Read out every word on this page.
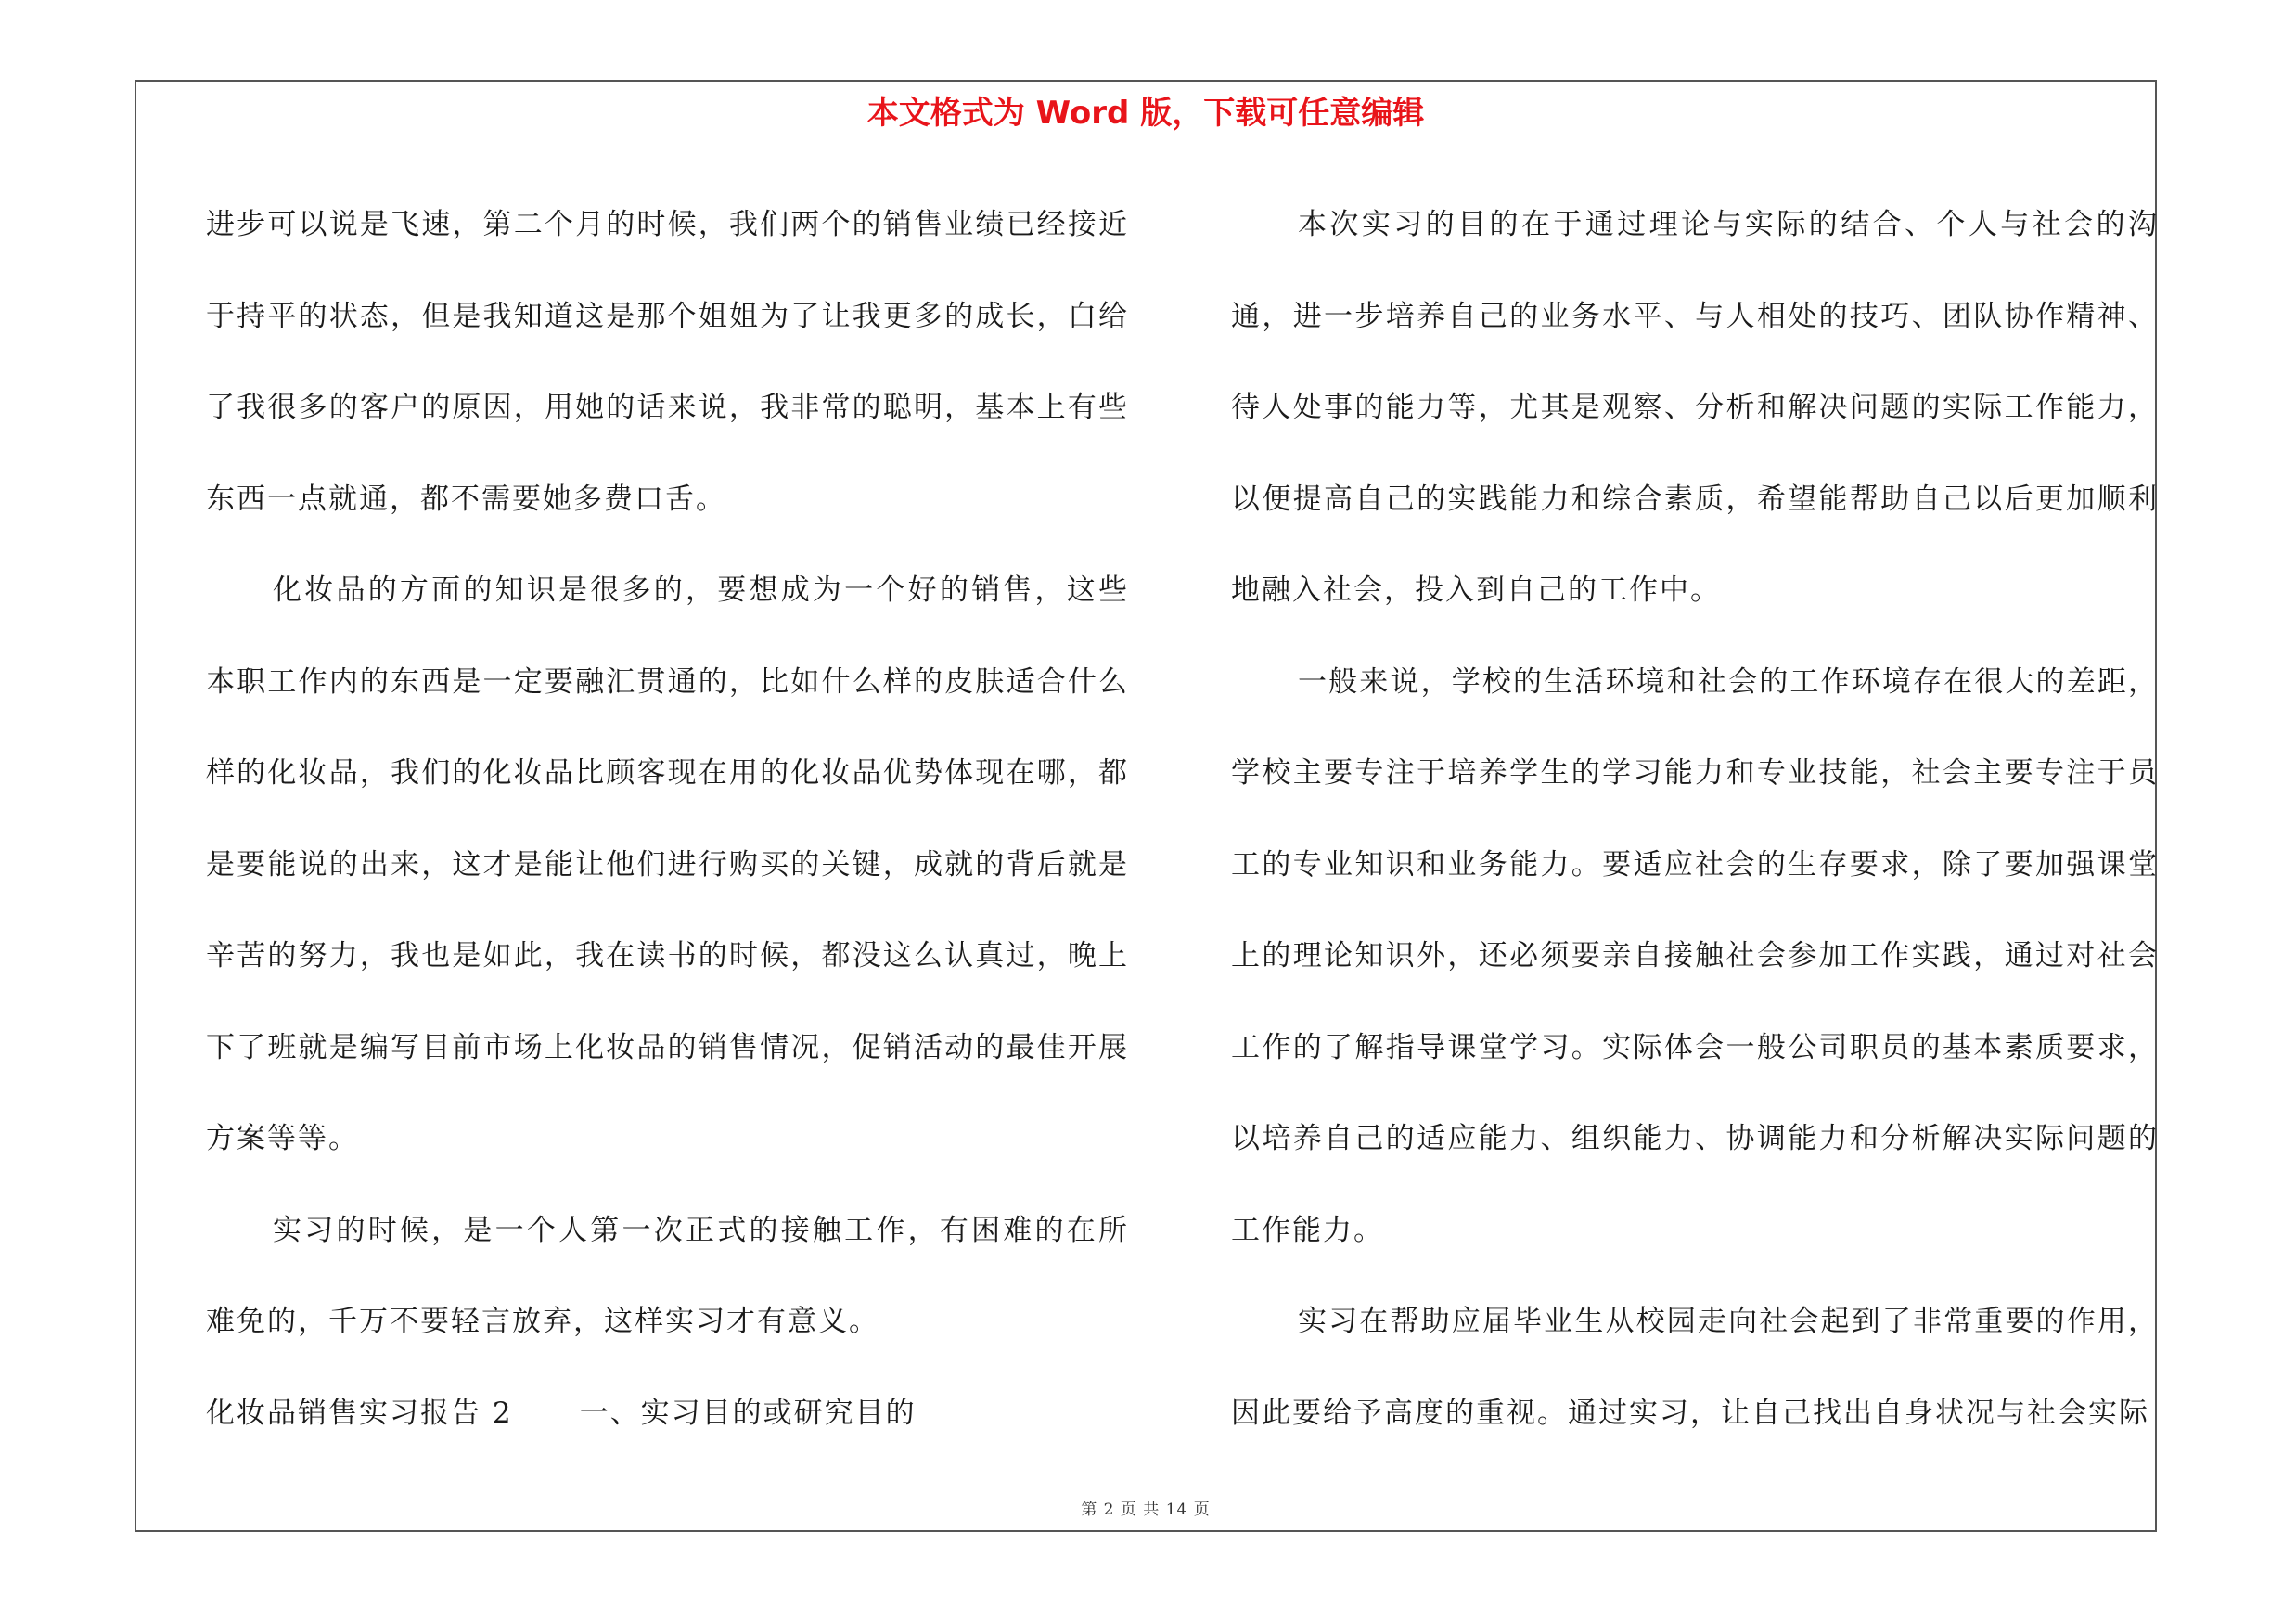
本文格式为 Word 版，下载可任意编辑

进步可以说是飞速，第二个月的时候，我们两个的销售业绩已经接近于持平的状态，但是我知道这是那个姐姐为了让我更多的成长，白给了我很多的客户的原因，用她的话来说，我非常的聪明，基本上有些东西一点就通，都不需要她多费口舌。

化妆品的方面的知识是很多的，要想成为一个好的销售，这些本职工作内的东西是一定要融汇贯通的，比如什么样的皮肤适合什么样的化妆品，我们的化妆品比顾客现在用的化妆品优势体现在哪，都是要能说的出来，这才是能让他们进行购买的关键，成就的背后就是辛苦的努力，我也是如此，我在读书的时候，都没这么认真过，晚上下了班就是编写目前市场上化妆品的销售情况，促销活动的最佳开展方案等等。

实习的时候，是一个人第一次正式的接触工作，有困难的在所难免的，千万不要轻言放弃，这样实习才有意义。

化妆品销售实习报告 2 一、实习目的或研究目的

本次实习的目的在于通过理论与实际的结合、个人与社会的沟通，进一步培养自己的业务水平、与人相处的技巧、团队协作精神、待人处事的能力等，尤其是观察、分析和解决问题的实际工作能力，以便提高自己的实践能力和综合素质，希望能帮助自己以后更加顺利地融入社会，投入到自己的工作中。

一般来说，学校的生活环境和社会的工作环境存在很大的差距，学校主要专注于培养学生的学习能力和专业技能，社会主要专注于员工的专业知识和业务能力。要适应社会的生存要求，除了要加强课堂上的理论知识外，还必须要亲自接触社会参加工作实践，通过对社会工作的了解指导课堂学习。实际体会一般公司职员的基本素质要求，以培养自己的适应能力、组织能力、协调能力和分析解决实际问题的工作能力。

实习在帮助应届毕业生从校园走向社会起到了非常重要的作用，因此要给予高度的重视。通过实习，让自己找出自身状况与社会实际

第 2 页 共 14 页
